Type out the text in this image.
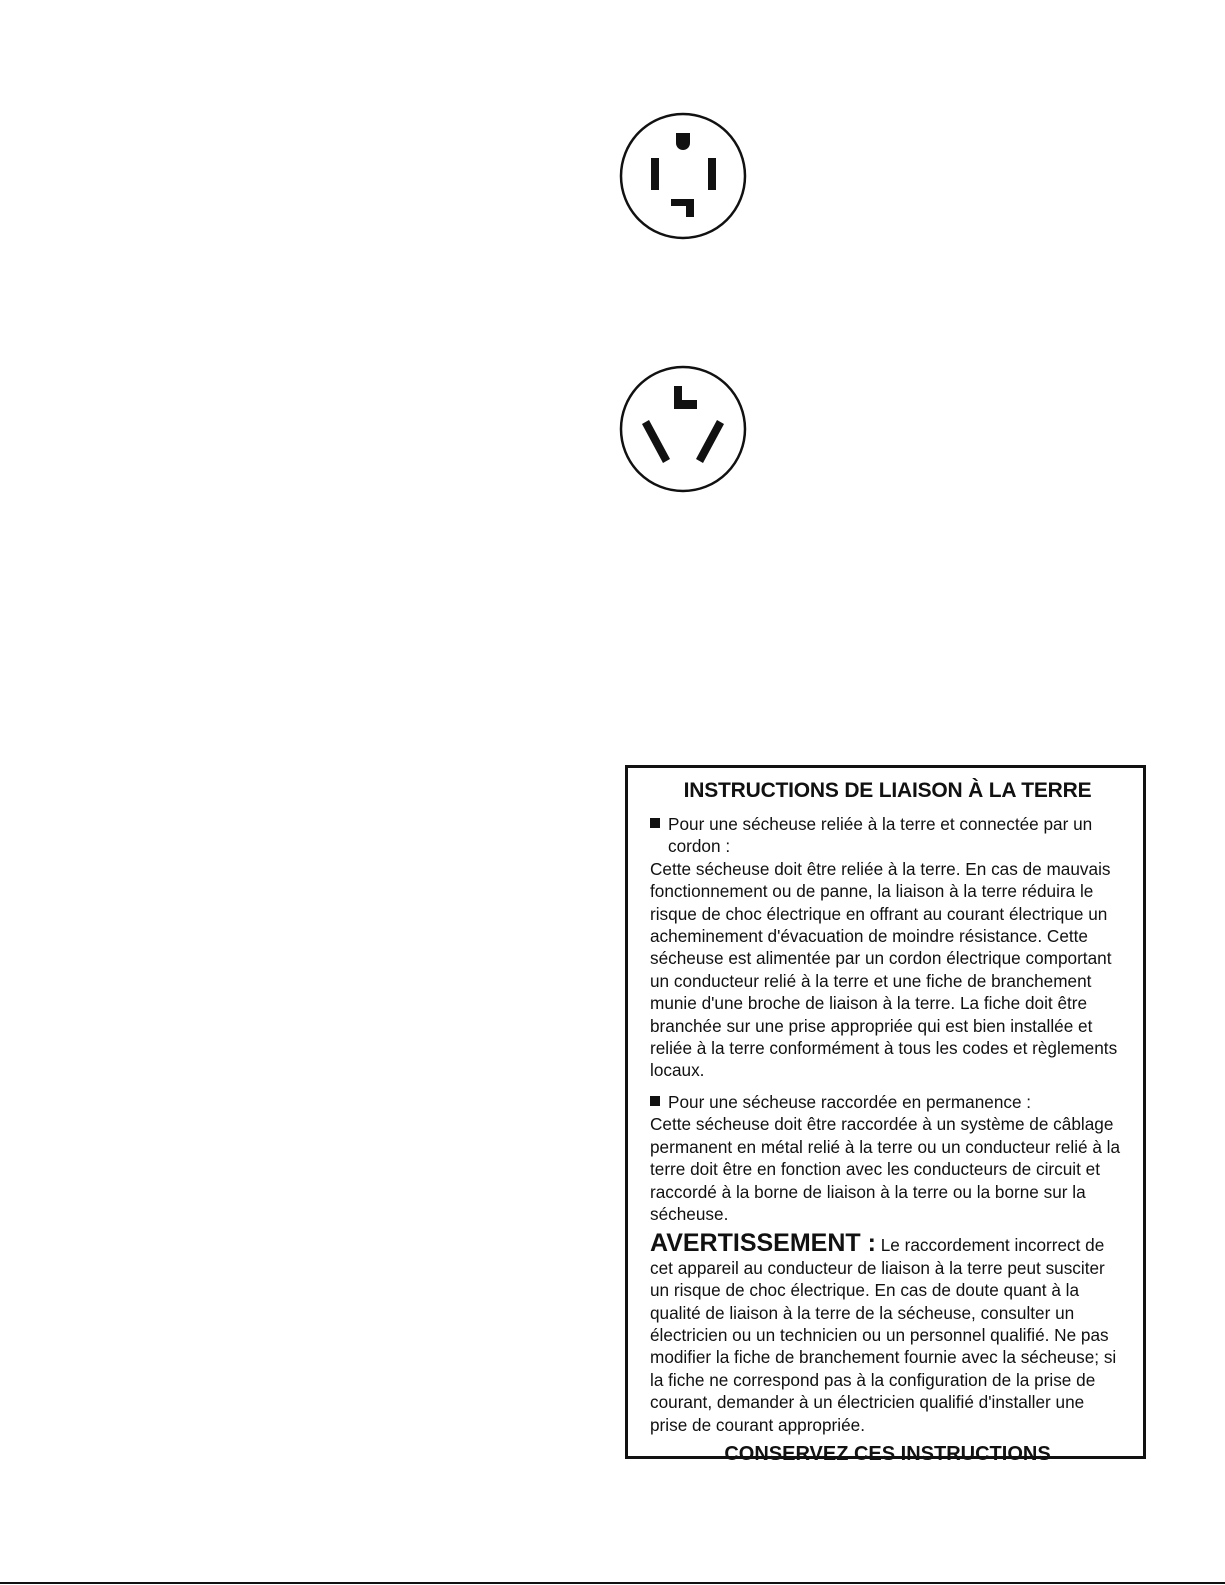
INSTRUCTIONS DE LIAISON À LA TERRE
Pour une sécheuse reliée à la terre et connectée par un cordon :

Cette sécheuse doit être reliée à la terre. En cas de mauvais fonctionnement ou de panne, la liaison à la terre réduira le risque de choc électrique en offrant au courant électrique un acheminement d'évacuation de moindre résistance. Cette sécheuse est alimentée par un cordon électrique comportant un conducteur relié à la terre et une fiche de branchement munie d'une broche de liaison à la terre. La fiche doit être branchée sur une prise appropriée qui est bien installée et reliée à la terre conformément à tous les codes et règlements locaux.

Pour une sécheuse raccordée en permanence :

Cette sécheuse doit être raccordée à un système de câblage permanent en métal relié à la terre ou un conducteur relié à la terre doit être en fonction avec les conducteurs de circuit et raccordé à la borne de liaison à la terre ou la borne sur la sécheuse.

AVERTISSEMENT : Le raccordement incorrect de cet appareil au conducteur de liaison à la terre peut susciter un risque de choc électrique. En cas de doute quant à la qualité de liaison à la terre de la sécheuse, consulter un électricien ou un technicien ou un personnel qualifié. Ne pas modifier la fiche de branchement fournie avec la sécheuse; si la fiche ne correspond pas à la configuration de la prise de courant, demander à un électricien qualifié d'installer une prise de courant appropriée.
CONSERVEZ CES INSTRUCTIONS
